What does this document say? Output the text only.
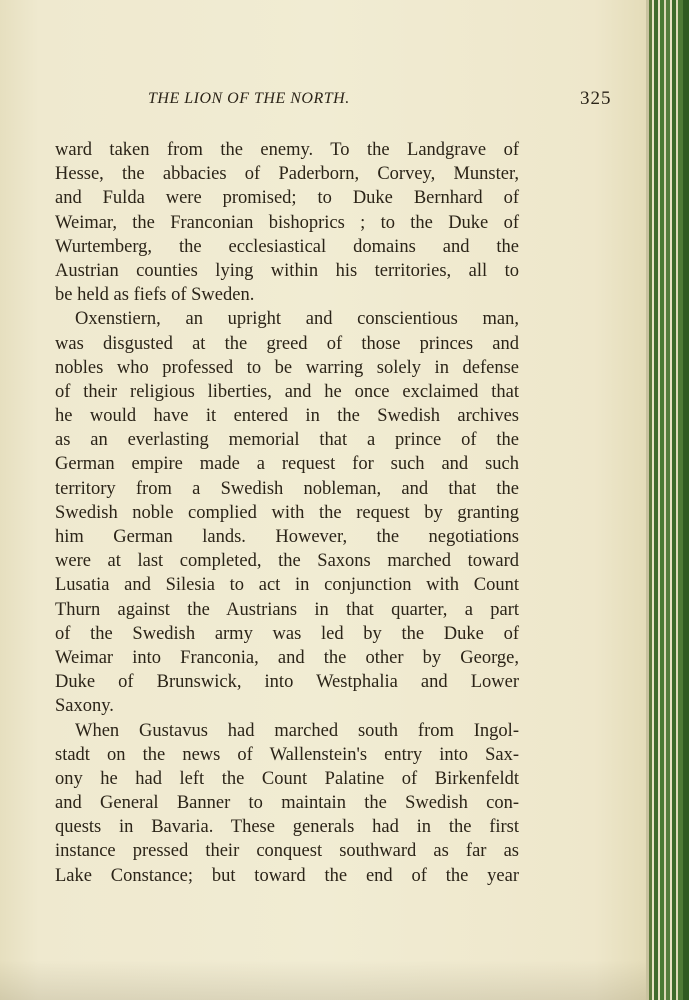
THE LION OF THE NORTH.	325
ward taken from the enemy. To the Landgrave of
Hesse, the abbacies of Paderborn, Corvey, Munster,
and Fulda were promised; to Duke Bernhard of
Weimar, the Franconian bishoprics ; to the Duke of
Wurtemberg, the ecclesiastical domains and the
Austrian counties lying within his territories, all to
be held as fiefs of Sweden.
Oxenstiern, an upright and conscientious man,
was disgusted at the greed of those princes and
nobles who professed to be warring solely in defense
of their religious liberties, and he once exclaimed that
he would have it entered in the Swedish archives
as an everlasting memorial that a prince of the
German empire made a request for such and such
territory from a Swedish nobleman, and that the
Swedish noble complied with the request by granting
him German lands. However, the negotiations
were at last completed, the Saxons marched toward
Lusatia and Silesia to act in conjunction with Count
Thurn against the Austrians in that quarter, a part
of the Swedish army was led by the Duke of
Weimar into Franconia, and the other by George,
Duke of Brunswick, into Westphalia and Lower
Saxony.
When Gustavus had marched south from Ingol-
stadt on the news of Wallenstein's entry into Sax-
ony he had left the Count Palatine of Birkenfeldt
and General Banner to maintain the Swedish con-
quests in Bavaria. These generals had in the first
instance pressed their conquest southward as far as
Lake Constance; but toward the end of the year
